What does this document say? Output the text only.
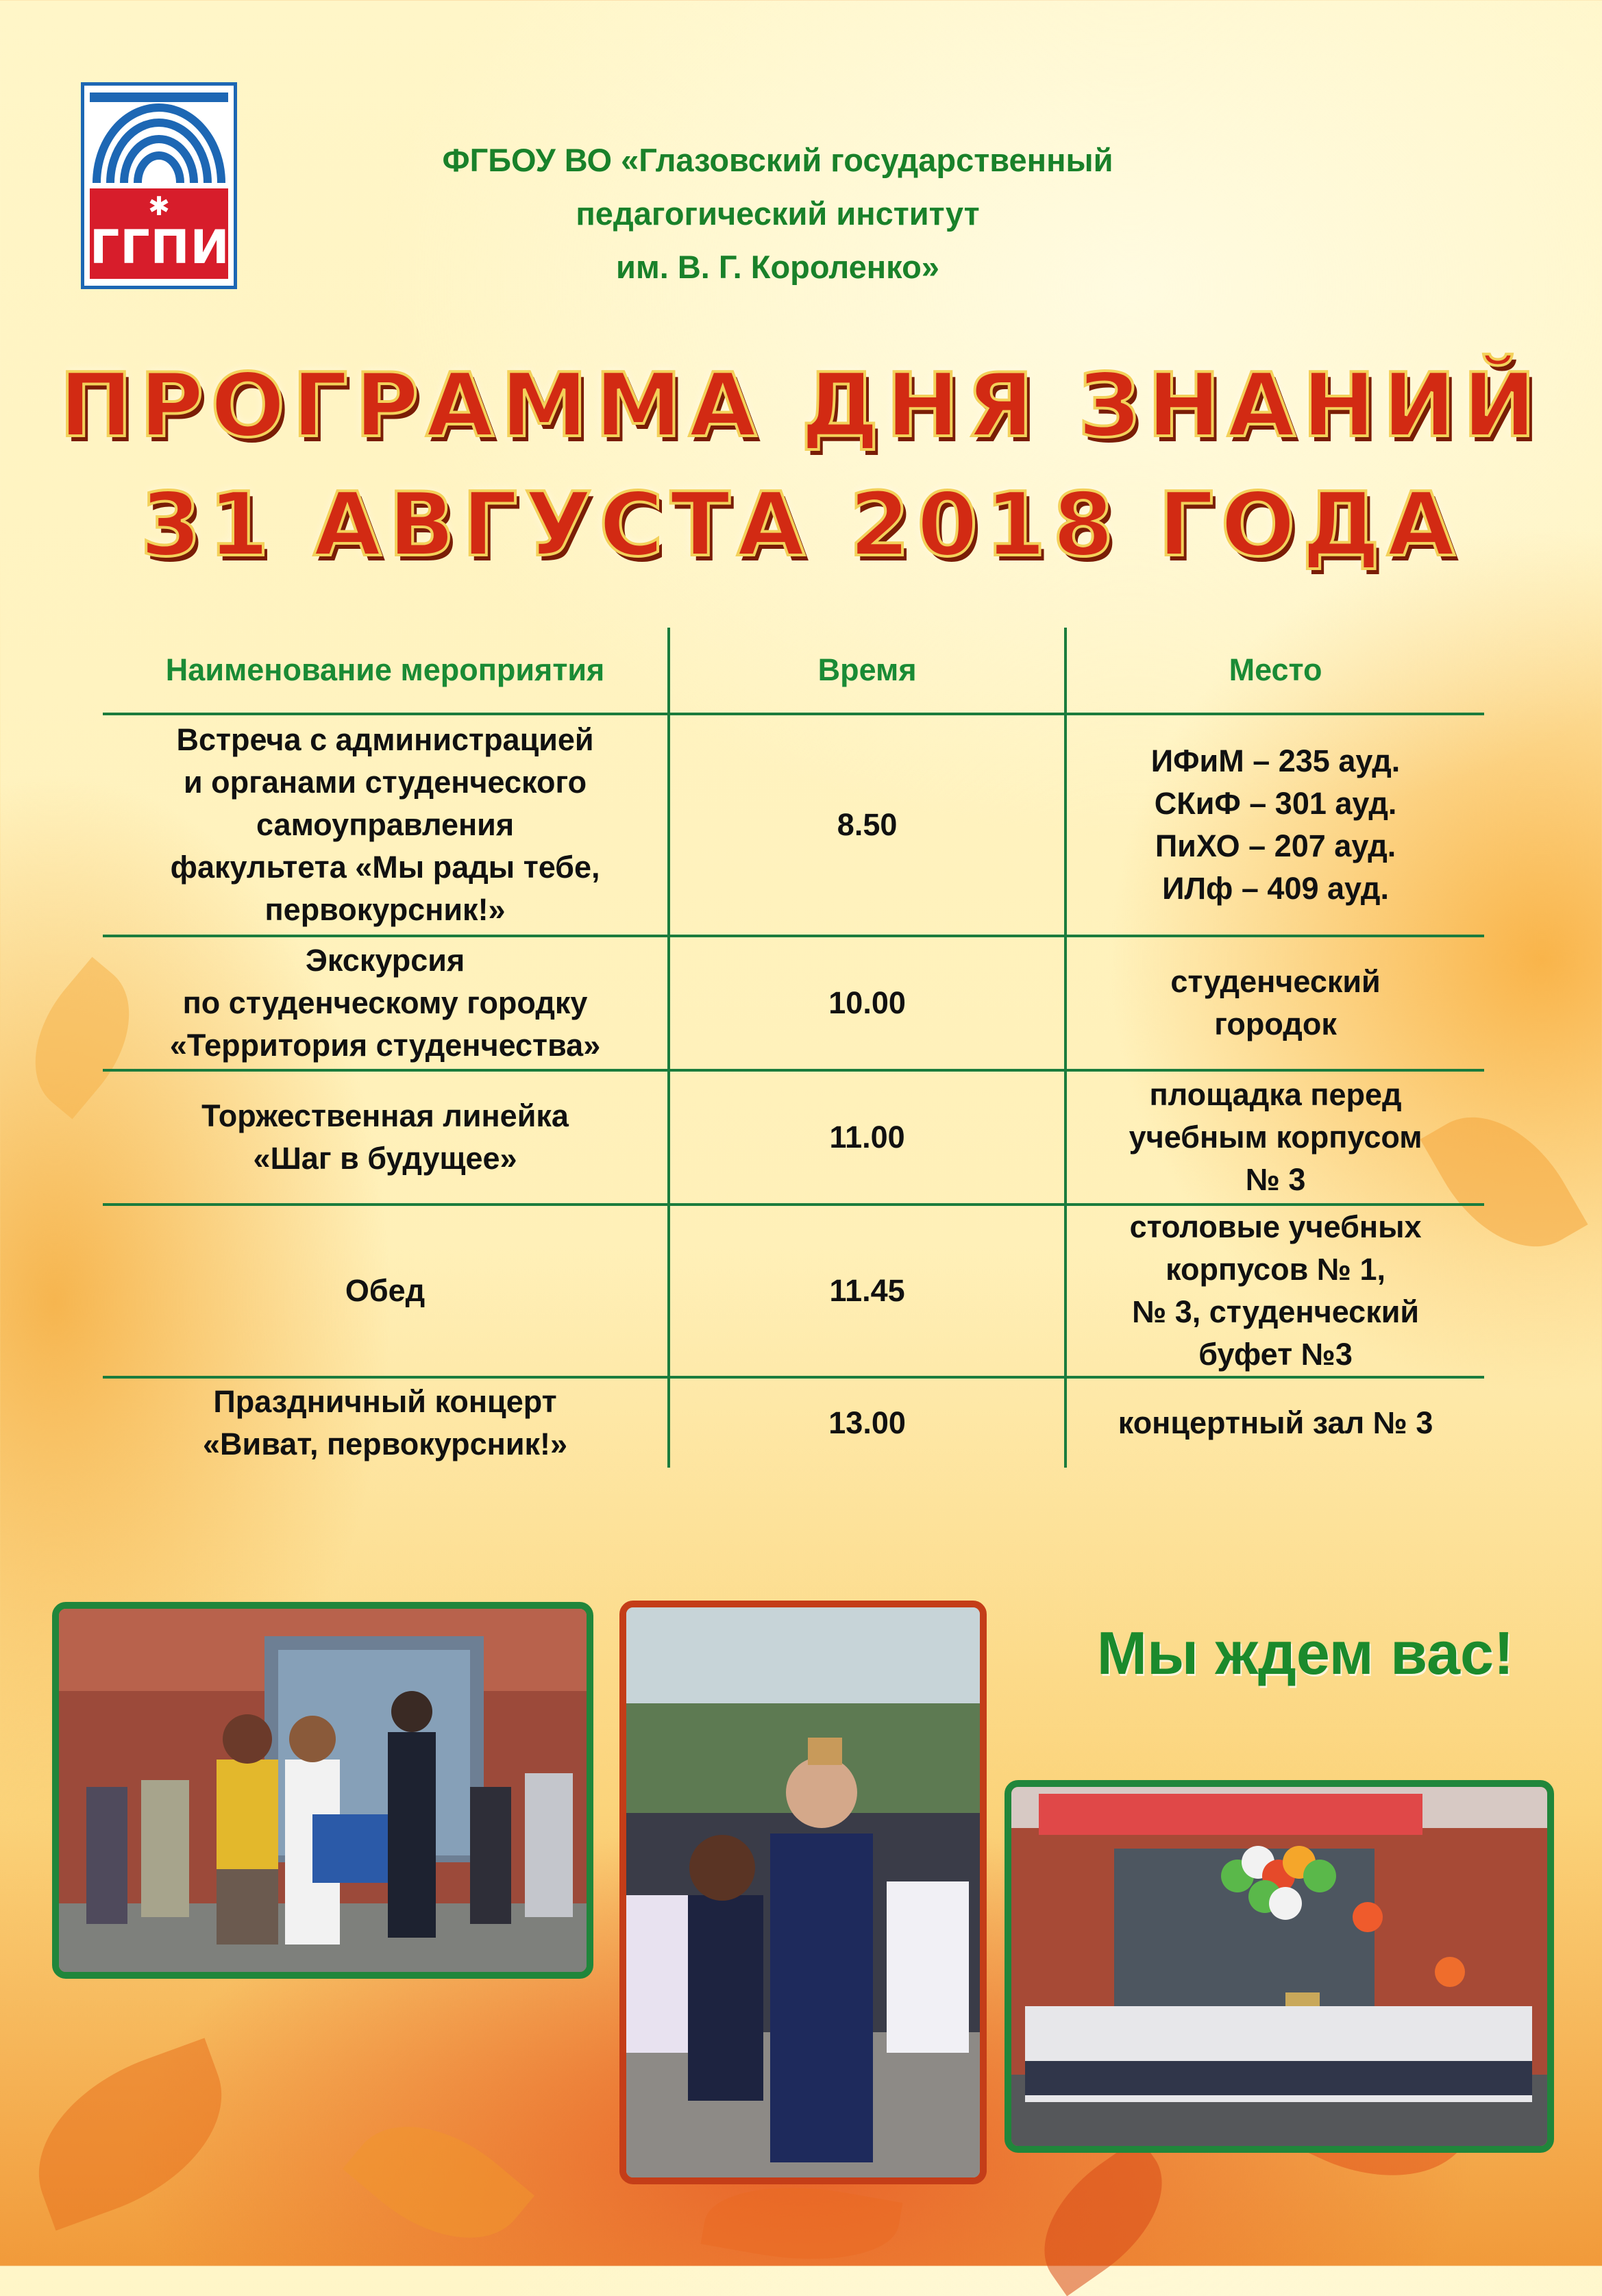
✱
ГГПИ
ФГБОУ ВО «Глазовский государственный
педагогический институт
им. В. Г. Короленко»
ПРОГРАММА ДНЯ ЗНАНИЙ
31 АВГУСТА 2018 ГОДА
Наименование мероприятия	Время	Место

Встреча с администрацией
и органами студенческого
самоуправления
факультета «Мы рады тебе,
первокурсник!»	8.50	ИФиМ – 235 ауд.
СКиФ – 301 ауд.
ПиХО – 207 ауд.
ИЛф – 409 ауд.

Экскурсия
по студенческому городку
«Территория студенчества»	10.00	студенческий
городок

Торжественная линейка
«Шаг в будущее»	11.00	площадка перед
учебным корпусом
№ 3

Обед	11.45	столовые учебных
корпусов № 1,
№ 3, студенческий
буфет №3

Праздничный концерт
«Виват, первокурсник!»	13.00	концертный зал № 3
Мы ждем вас!
